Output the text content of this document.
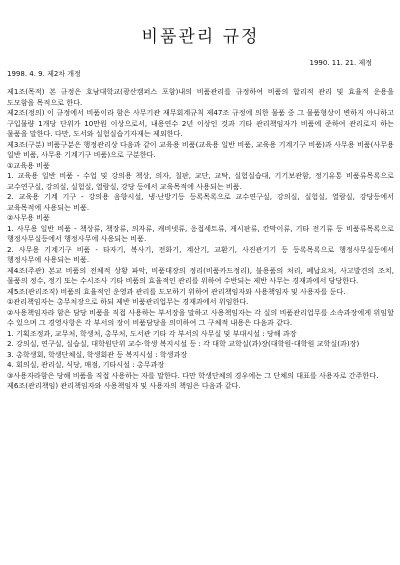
비품관리 규정
1990. 11. 21. 제정
1998. 4. 9. 제2차 개정

제1조(목적) 본 규정은 호남대학교(광산캠퍼스 포함)내의 비품관리를 규정하여 비품의 합리적 관리 및 효율적 운용을 도모함을 목적으로 한다.

제2조(정의) 이 규정에서 비품이라 함은 사무기관 재무회계규칙 제47조 규정에 의한 물품 중 그 물품형상이 변하지 아니하고 구입물량 1개당 단위가 10만원 이상으로서, 내용연수 2년 이상인 것과 기타 관리책임자가 비품에 준하여 관리로지 하는 물품을 말한다. 다만, 도서와 실험실습기자재는 제외한다.

제3조(구분) 비품구분은 행정관리상 다음과 같이 교육용 비품(교육용 일반 비품, 교육용 기계기구 비품)과 사무용 비품(사무용 일반 비품, 사무용 기계기구 비품)으로 구분한다.

①교육용 비품

1. 교육용 일반 비품 - 수업 및 강의용 책상, 의자, 칠판, 교단, 교탁, 실험실습대, 기기보관함, 정기유통 비품류목록으로 교수연구실, 강의실, 실험실, 열람실, 강당 등에서 교육목적에 사용되는 비품.

2. 교육용 기계 기구 - 강의용 음향시설, 냉·난방기등 등록목록으로 교수연구실, 강의실, 실험실, 열람실, 강당등에서 교육목적에 사용되는 비품.

②사무용 비품

1. 사무용 일반 비품 - 책상류, 책장류, 의자류, 캐비넷류, 응접세트류, 게시판류, 칸막이류, 기타 전기류 등 비품류목록으로 행정사무실등에서 행정사무에 사용되는 비품.

2. 사무용 기계기구 비품 - 타자기, 복사기, 전화기, 계산기, 교환기, 사진관기기 등 등록목록으로 행정사무실등에서 행정사무에 사용되는 비품.

제4조(주관) 본교 비품의 전체적 상황 파악, 비품대장의 정리(비품카드정리), 불용품의 처리, 폐납요처, 사고발견의 조치, 물품의 정수, 정기 또는 수시조사 기타 비품의 효율적인 관리를 위하여 수반되는 제반 사무는 경재과에서 담당한다.

제5조(관리조직) 비품의 효율적인 운영과 관리를 도모하기 위하여 관리책임자와 사용책임자 및 사용자를 둔다.

①관리책임자는 총무처장으로 하되 제반 비품관리업무는 경재과에서 위임한다.

②사용책임자라 함은 담당 비품을 직접 사용하는 부서장을 말하고 사용책임자는 각 실의 비품관리업무를 소속과장에게 위임할 수 있으며 그 경영사항은 각 부서의 장이 비품담당을 의미하여 그 구체적 내용은 다음과 같다.

1. 기획조정과, 교무처, 학생처, 총무처, 도서관 기타 각 부서의 사무실 및 부대시설 : 당해 과장

2. 강의실, 연구실, 실습실, 대학원단위 교수·학생 복지시설 등 : 각 대학 교학실(과)장(대학원-대학원 교학실(과)장)

3. 총학생회, 학생단체실, 학생회관 등 복지시설 : 학생과장

4. 회의실, 관리실, 식당, 매점, 기타시설 : 총무과장

③사용자라함은 당해 비품을 직접 사용하는 자를 말한다. 다만 학생단체의 경우에는 그 단체의 대표를 사용자로 간주한다.

제6조(관리책임) 관리책임자와 사용책임자 및 사용자의 책임은 다음과 같다.
